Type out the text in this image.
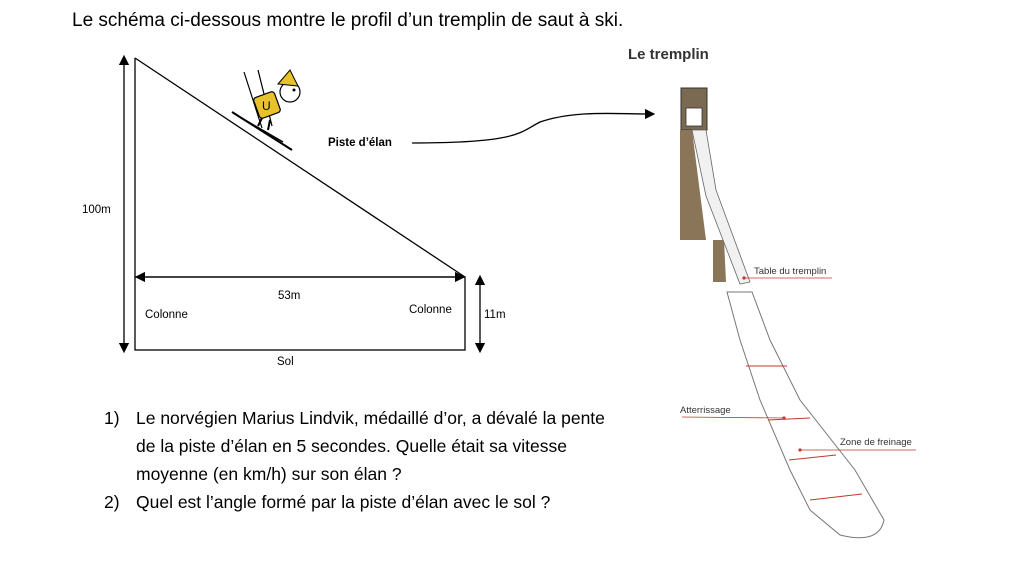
Le schéma ci-dessous montre le profil d’un tremplin de saut à ski.
U
100m
Piste d’élan
53m
Colonne	Colonne	11m
Sol
Le tremplin
Table du tremplin
Atterrissage
Zone de freinage
1) Le norvégien Marius Lindvik, médaillé d’or, a dévalé la pente de la piste d’élan en 5 secondes. Quelle était sa vitesse moyenne (en km/h) sur son élan ?
2) Quel est l’angle formé par la piste d’élan avec le sol ?
